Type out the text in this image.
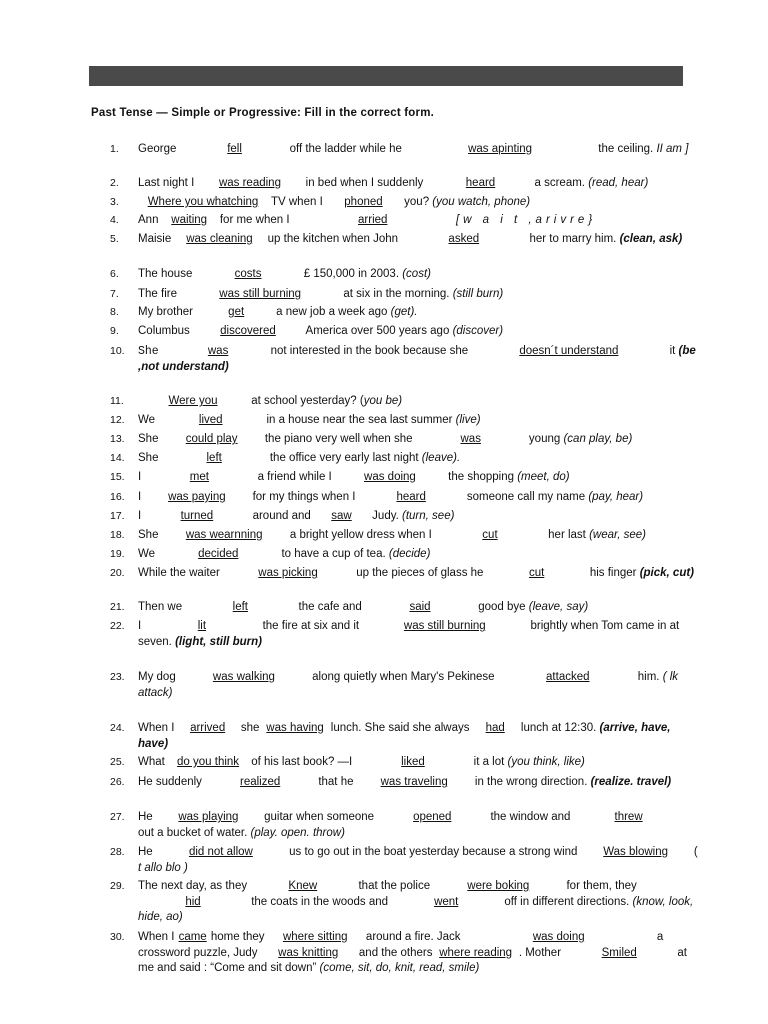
Past Tense — Simple or Progressive: Fill in the correct form.
1.	George	fell	off the ladder while he	was apinting	the ceiling. II am ]
2.	Last night I was reading in bed when I suddenly	heard	a scream. (read, hear)
3.	Where you whatching TV when I phoned you? (you watch, phone)
4.	Ann waiting for me when I	arried	[w a i t ,arivre}
5.	Maisie was cleaning up the kitchen when John	asked	her to marry him. (clean, ask)
6.	The house	costs	£ 150,000 in 2003. (cost)
7.	The fire	was still burning	at six in the morning. (still burn)
8.	My brother	get	a new job a week ago (get).
9.	Columbus discovered America over 500 years ago (discover)
10.	She	was	not interested in the book because she	doesn´t understand	it (be ,not understand)
11.	Were you	at school yesterday? (you be)
12.	We	lived	in a house near the sea last summer (live)
13.	She could play the piano very well when she	was	young (can play, be)
14.	She	left	the office very early last night (leave).
15.	I	met	a friend while I	was doing	the shopping (meet, do)
16.	I was paying for my things when I	heard	someone call my name (pay, hear)
17.	I	turned	around and saw Judy. (turn, see)
18.	She was wearnning a bright yellow dress when I	cut	her last (wear, see)
19.	We	decided	to have a cup of tea. (decide)
20.	While the waiter	was picking	up the pieces of glass he	cut	his finger (pick, cut)
21.	Then we	left	the cafe and	said	good bye (leave, say)
22.	I	lit	the fire at six and it	was still burning	brightly when Tom came in at seven. (light, still burn)
23.	My dog	was walking	along quietly when Mary's Pekinese	attacked	him. ( lk attack)
24.	When I arrived she was having lunch. She said she always had lunch at 12:30. (arrive, have, have)
25.	What do you think of his last book? —I	liked	it a lot (you think, like)
26.	He suddenly	realized	that he was traveling in the wrong direction. (realize. travel)
27.	He was playing guitar when someone	opened	the window and	threw out a bucket of water. (play. open. throw)
28.	He	did not allow	us to go out in the boat yesterday because a strong wind Was blowing ( t allo blo )
29.	The next day, as they	Knew	that the police	were boking	for them, they hid	the coats in the woods and	went	off in different directions. (know, look, hide, ao)
30.	When I came home they where sitting around a fire. Jack	was doing	a crossword puzzle, Judy was knitting and the others where reading . Mother	Smiled	at me and said : “Come and sit down” (come, sit, do, knit, read, smile)
